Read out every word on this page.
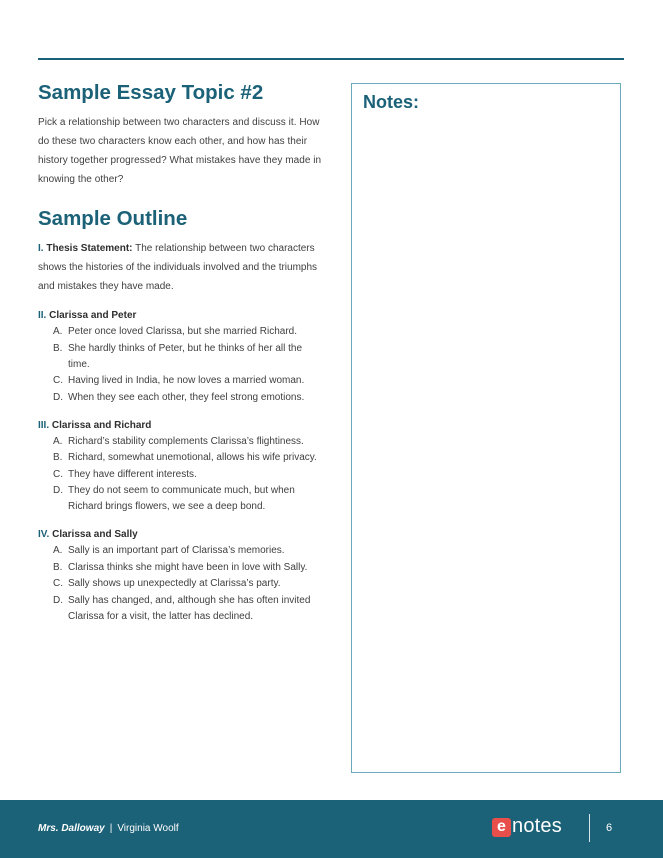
Sample Essay Topic #2

Pick a relationship between two characters and discuss it. How do these two characters know each other, and how has their history together progressed? What mistakes have they made in knowing the other?

Sample Outline

I. Thesis Statement: The relationship between two characters shows the histories of the individuals involved and the triumphs and mistakes they have made.

II. Clarissa and Peter
A. Peter once loved Clarissa, but she married Richard.
B. She hardly thinks of Peter, but he thinks of her all the time.
C. Having lived in India, he now loves a married woman.
D. When they see each other, they feel strong emotions.
III. Clarissa and Richard
A. Richard’s stability complements Clarissa’s flightiness.
B. Richard, somewhat unemotional, allows his wife privacy.
C. They have different interests.
D. They do not seem to communicate much, but when Richard brings flowers, we see a deep bond.
IV. Clarissa and Sally
A. Sally is an important part of Clarissa’s memories.
B. Clarissa thinks she might have been in love with Sally.
C. Sally shows up unexpectedly at Clarissa’s party.
D. Sally has changed, and, although she has often invited Clarissa for a visit, the latter has declined.
Notes:
Mrs. Dalloway | Virginia Woolf	e notes	6
